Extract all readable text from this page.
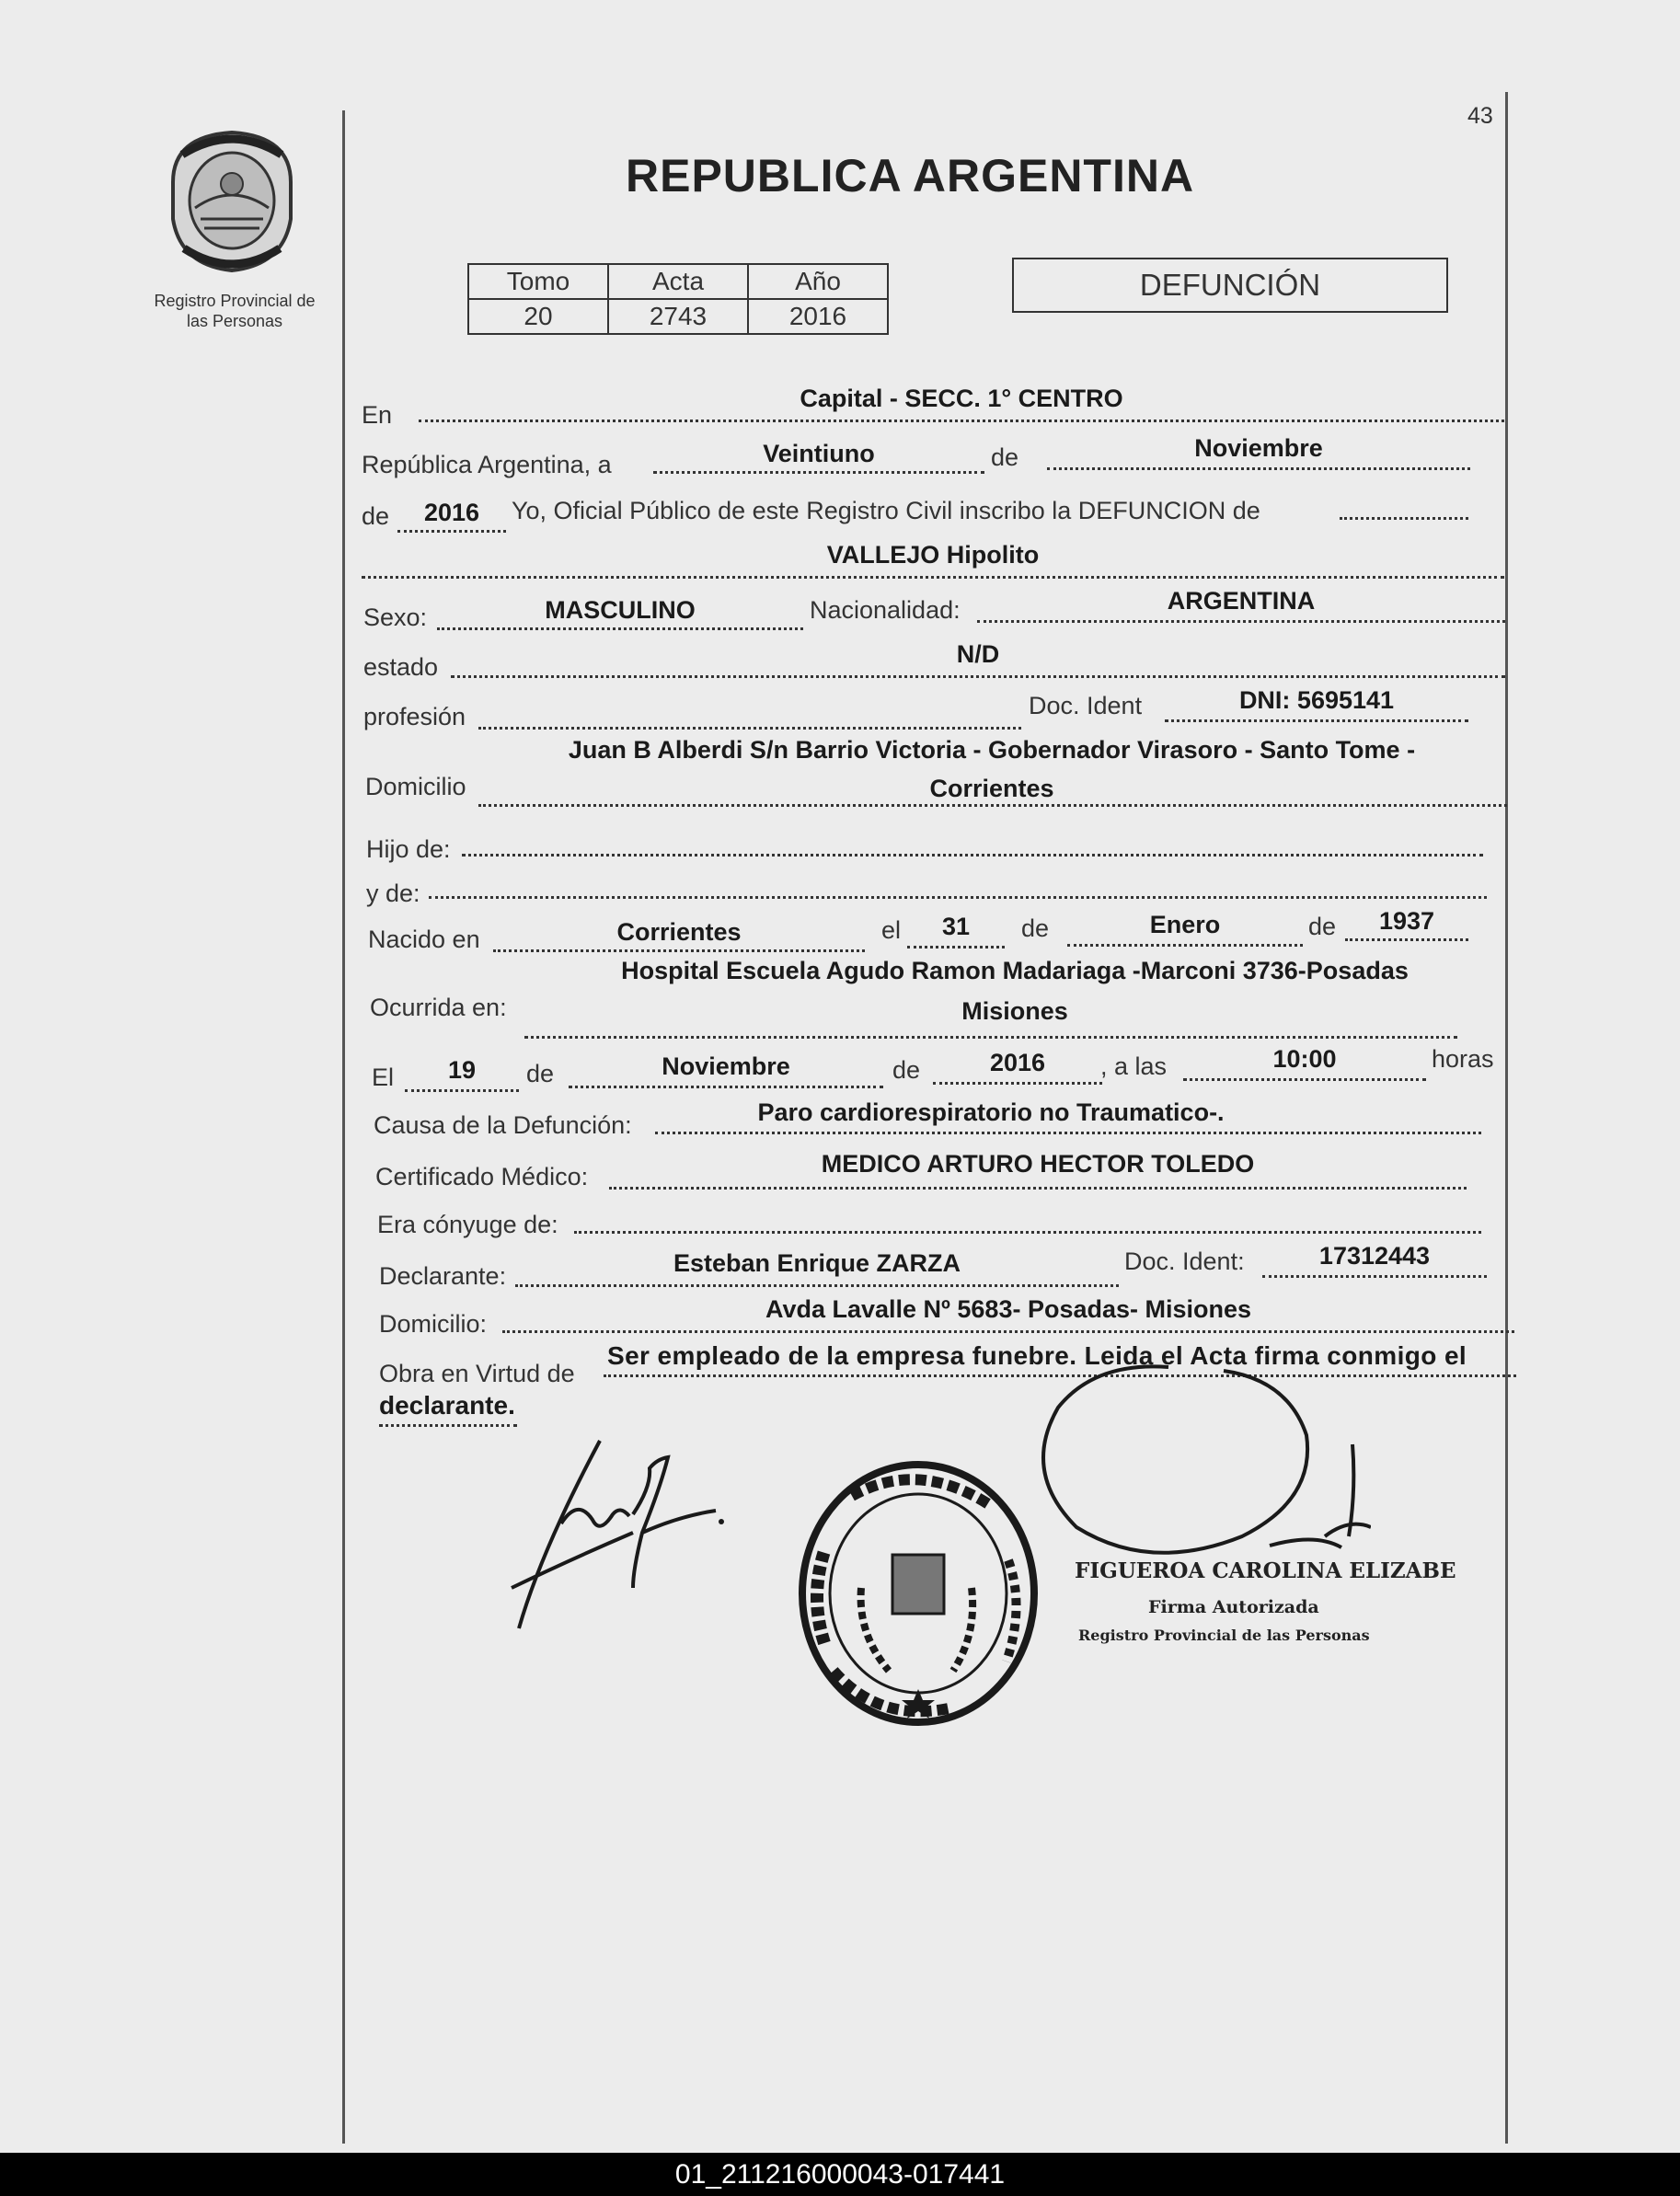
43
Registro Provincial de
las Personas
REPUBLICA ARGENTINA
Tomo	Acta	Año
20	2743	2016
DEFUNCIÓN
En
Capital - SECC. 1° CENTRO
República Argentina, a	Veintiuno	de	Noviembre
de	2016	Yo, Oficial Público de este Registro Civil inscribo la DEFUNCION de
VALLEJO Hipolito
Sexo:	MASCULINO	Nacionalidad:	ARGENTINA
estado	N/D
profesión	Doc. Ident	DNI: 5695141
Domicilio
Juan B Alberdi S/n Barrio Victoria - Gobernador Virasoro - Santo Tome -
Corrientes
Hijo de:
y de:
Nacido en	Corrientes	el	31	de	Enero	de	1937
Ocurrida en:
Hospital Escuela Agudo Ramon Madariaga -Marconi 3736-Posadas
Misiones
El	19	de	Noviembre	de	2016	, a las	10:00	horas
Causa de la Defunción:	Paro cardiorespiratorio no Traumatico-.
Certificado Médico:	MEDICO ARTURO HECTOR TOLEDO
Era cónyuge de:
Declarante:	Esteban Enrique ZARZA	Doc. Ident:	17312443
Domicilio:
Avda Lavalle Nº 5683- Posadas- Misiones
Obra en Virtud de
Ser empleado de la empresa funebre. Leida el Acta firma conmigo el
declarante.
FIGUEROA CAROLINA ELIZABE
Firma Autorizada
Registro Provincial de las Personas
01_211216000043-017441
